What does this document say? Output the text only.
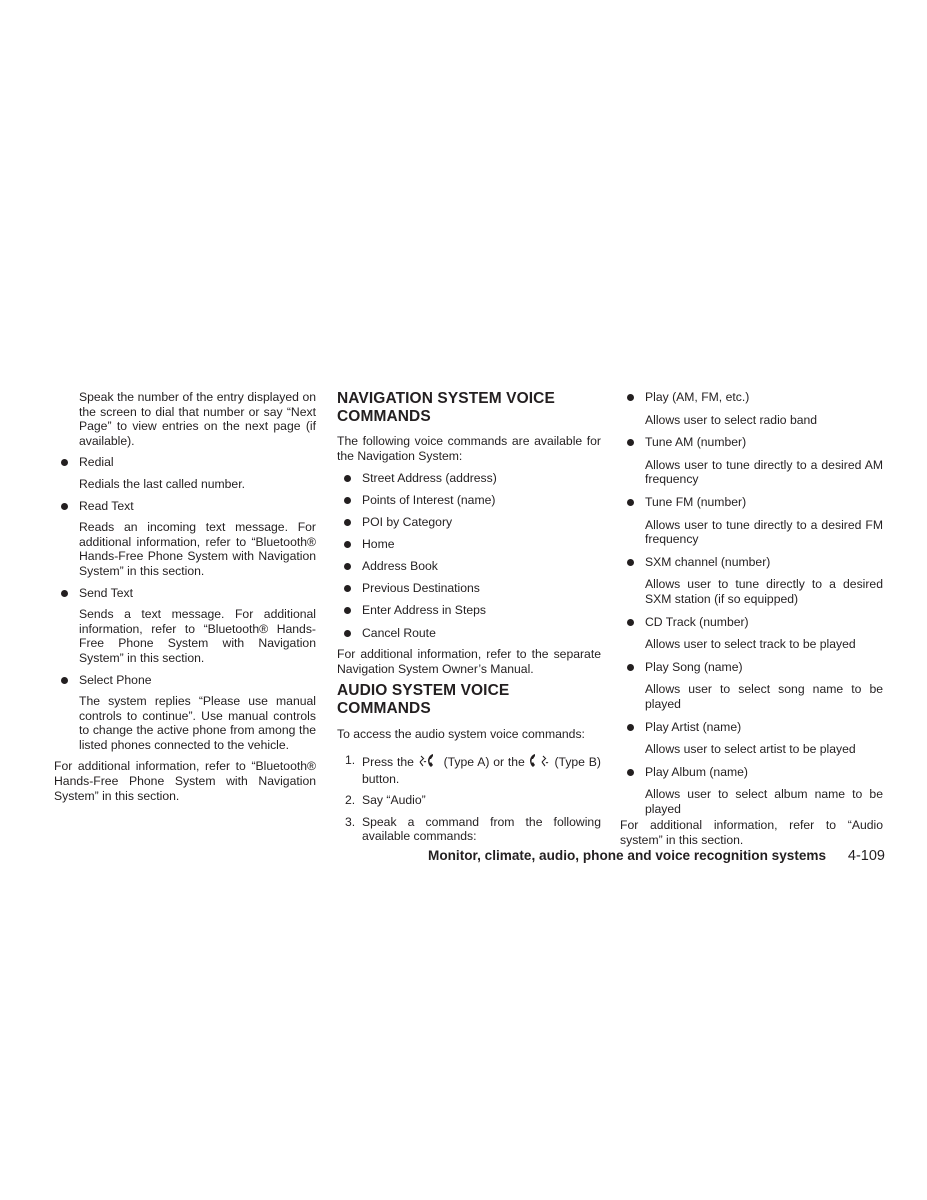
Speak the number of the entry displayed on the screen to dial that number or say “Next Page” to view entries on the next page (if available).

Redial

Redials the last called number.

Read Text

Reads an incoming text message. For additional information, refer to “Bluetooth® Hands-Free Phone System with Navigation System” in this section.

Send Text

Sends a text message. For additional information, refer to “Bluetooth® Hands-Free Phone System with Navigation System” in this section.

Select Phone

The system replies “Please use manual controls to continue”. Use manual controls to change the active phone from among the listed phones connected to the vehicle.

For additional information, refer to “Bluetooth® Hands-Free Phone System with Navigation System” in this section.

NAVIGATION SYSTEM VOICE COMMANDS

The following voice commands are available for the Navigation System:

Street Address (address)
Points of Interest (name)
POI by Category
Home
Address Book
Previous Destinations
Enter Address in Steps
Cancel Route

For additional information, refer to the separate Navigation System Owner’s Manual.

AUDIO SYSTEM VOICE COMMANDS

To access the audio system voice commands:

1. Press the (Type A) or the (Type B) button.
2. Say “Audio”
3. Speak a command from the following available commands:
Play (AM, FM, etc.)

Allows user to select radio band

Tune AM (number)

Allows user to tune directly to a desired AM frequency

Tune FM (number)

Allows user to tune directly to a desired FM frequency

SXM channel (number)

Allows user to tune directly to a desired SXM station (if so equipped)

CD Track (number)

Allows user to select track to be played

Play Song (name)

Allows user to select song name to be played

Play Artist (name)

Allows user to select artist to be played

Play Album (name)

Allows user to select album name to be played

For additional information, refer to “Audio system” in this section.

Monitor, climate, audio, phone and voice recognition systems 4-109
